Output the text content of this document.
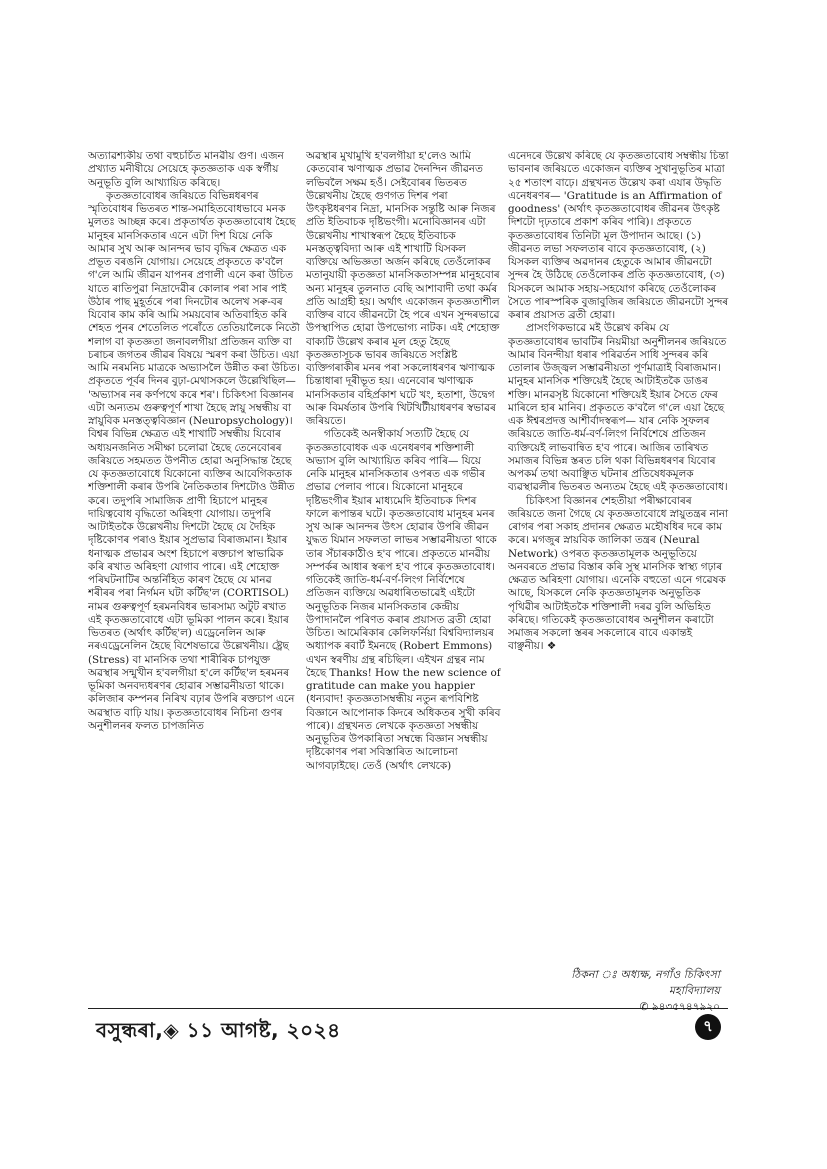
অত্যাৱশ্যকীয় তথা বহুচৰ্চিত মানৱীয় গুণ। এজন প্ৰখ্যাত মনীষীয়ে সেয়েহে কৃতজ্ঞতাক এক স্বৰ্গীয় অনুভূতি বুলি আখ্যায়িত কৰিছে।

কৃতজ্ঞতাবোধৰ জৰিয়তে বিভিন্নধৰণৰ স্মৃতিবোধৰ ভিতৰত শান্ত-সমাহিতবোধভাবে মনক মুলতঃ আচ্ছন্ন কৰে। প্ৰকৃতাৰ্থত কৃতজ্ঞতাবোধ হৈছে মানুহৰ মানসিকতাৰ এনে এটা দিশ যিয়ে নেকি আমাৰ সুখ আৰু আনন্দৰ ভাব বৃদ্ধিৰ ক্ষেত্ৰত এক প্ৰভূত বৰঙনি যোগায়। সেয়েহে প্ৰকৃততে ক'বলৈ গ'লে আমি জীৱন যাপনৰ প্ৰণালী এনে কৰা উচিত যাতে ৰাতিপুৱা নিদ্ৰাদেৱীৰ কোলাৰ পৰা সাৰ পাই উঠাৰ পাছ মুহূৰ্তৰে পৰা দিনটোৰ অলেখ সৰু-বৰ যিবোৰ কাম কৰি আমি সময়বোৰ অতিবাহিত কৰি শেহত পুনৰ শেতেলিত পৰোঁতে তেতিয়ালৈকে নিতৌ শলাগ বা কৃতজ্ঞতা জনাবলগীয়া প্ৰতিজন ব্যক্তি বা চৰাচৰ জগতৰ জীৱৰ বিষয়ে স্মৰণ কৰা উচিত। এয়া আমি নৰমনিচ মাত্ৰকে অভ্যাসলৈ উন্নীত কৰা উচিত। প্ৰকৃততে পূৰ্বৰ দিনৰ বুঢ়া-মেথাসকলে উল্লেখিছিল— 'অভ্যাসৰ নৰ কৰ্ণপথে কৰে শৰ'। চিকিৎসা বিজ্ঞানৰ এটা অন্যতম গুৰুত্বপূৰ্ণ শাখা হৈছে স্নায়ু সম্বন্ধীয় বা স্নায়ুবিক মনস্তত্ত্ববিজ্ঞান (Neuropsychology)। বিশ্বৰ বিভিন্ন ক্ষেত্ৰত এই শাখাটি সম্বন্ধীয় যিবোৰ অধ্যয়নজনিত সমীক্ষা চলোৱা হৈছে তেনেবোৰৰ জৰিয়তে সহমতত উপনীত হোৱা অনুসিদ্ধান্ত হৈছে যে কৃতজ্ঞতাবোধে যিকোনো ব্যক্তিৰ আবেগিকতাক শক্তিশালী কৰাৰ উপৰি নৈতিকতাৰ দিশটোও উন্নীত কৰে। তদুপৰি সামাজিক প্ৰাণী হিচাপে মানুহৰ দায়িত্ববোধ বৃদ্ধিতো অৰিহণা যোগায়। তদুপৰি আটাইতকৈ উল্লেখনীয় দিশটো হৈছে যে দৈহিক দৃষ্টিকোণৰ পৰাও ইয়াৰ সুপ্ৰভাৱ বিৰাজমান। ইয়াৰ ধনাত্মক প্ৰভাৱৰ অংশ হিচাপে ৰক্তচাপ স্বাভাৱিক কৰি ৰখাত অৰিহণা যোগাব পাৰে। এই শেহোক্ত পৰিঘটনাটিৰ অন্তৰ্নিহিত কাৰণ হৈছে যে মানৱ শৰীৰৰ পৰা নিৰ্গমন ঘটা কৰ্টিছ'ল (CORTISOL) নামৰ গুৰুত্বপূৰ্ণ হৰমনবিধৰ ভাৰসাম্য অটুট ৰখাত এই কৃতজ্ঞতাবোধে এটা ভূমিকা পালন কৰে। ইয়াৰ ভিতৰত (অৰ্থাৎ কৰ্টিছ'ল) এড্ৰেনেলিন আৰু নৰএড্ৰেনেলিন হৈছে বিশেষভাৱে উল্লেখনীয়। ষ্ট্ৰেছ (Stress) বা মানসিক তথা শাৰীৰিক চাপযুক্ত অৱস্থাৰ সন্মুখীন হ'বলগীয়া হ'লে কৰ্টিছ'ল হৰমনৰ ভূমিকা অনবদ্যধৰণৰ হোৱাৰ সম্ভাৱনীয়তা থাকে। কলিজাৰ কম্পনৰ নিৰিখ বঢ়াৰ উপৰি ৰক্তচাপ এনে অৱস্থাত বাঢ়ি যায়। কৃতজ্ঞতাবোধৰ নিচিনা গুণৰ অনুশীলনৰ ফলত চাপজনিত

অৱস্থাৰ মুখামুখি হ'বলগীয়া হ'লেও আমি কেতবোৰ ঋণাত্মক প্ৰভাৱ দৈনন্দিন জীৱনত লভিবলৈ সক্ষম হওঁ। সেইবোৰৰ ভিতৰত উল্লেখনীয় হৈছে গুণগত দিশৰ পৰা উৎকৃষ্টধৰণৰ নিদ্ৰা, মানসিক সন্তুষ্টি আৰু নিজৰ প্ৰতি ইতিবাচক দৃষ্টিভংগী। মনোবিজ্ঞানৰ এটা উল্লেখনীয় শাখাস্বৰূপ হৈছে ইতিবাচক মনস্তত্ত্ববিদ্যা আৰু এই শাখাটি যিসকল ব্যক্তিয়ে অভিজ্ঞতা অৰ্জন কৰিছে তেওঁলোকৰ মতানুযায়ী কৃতজ্ঞতা মানসিকতাসম্পন্ন মানুহবোৰ অন্য মানুহৰ তুলনাত বেছি আশাবাদী তথা কৰ্মৰ প্ৰতি আগ্ৰহী হয়। অৰ্থাৎ একোজন কৃতজ্ঞতাশীল ব্যক্তিৰ বাবে জীৱনটো হৈ পৰে এখন সুন্দৰভাৱে উপস্থাপিত হোৱা উপভোগ্য নাটক। এই শেহোক্ত বাক্যটি উল্লেখ কৰাৰ মূল হেতু হৈছে কৃতজ্ঞতাসূচক ভাবৰ জৰিয়তে সংশ্লিষ্ট ব্যক্তিগৰাকীৰ মনৰ পৰা সকলোধৰণৰ ঋণাত্মক চিন্তাধাৰা দূৰীভূত হয়। এনেবোৰ ঋণাত্মক মানসিকতাৰ বহিৰ্প্ৰকাশ ঘটে খং, হতাশা, উদ্বেগ আৰু বিমৰ্ষতাৰ উপৰি খিটখিটীয়াধৰণৰ স্বভাৱৰ জৰিয়তে।

গতিকেই অনস্বীকাৰ্য সত্যটি হৈছে যে কৃতজ্ঞতাবোধক এক এনেধৰণৰ শক্তিশালী অভ্যাস বুলি আখ্যায়িত কৰিব পাৰি— যিয়ে নেকি মানুহৰ মানসিকতাৰ ওপৰত এক গভীৰ প্ৰভাৱ পেলাব পাৰে। যিকোনো মানুহৰে দৃষ্টিভংগীৰ ইয়াৰ মাধ্যমেদি ইতিবাচক দিশৰ ফালে ৰূপান্তৰ ঘটে। কৃতজ্ঞতাবোধ মানুহৰ মনৰ সুখ আৰু আনন্দৰ উৎস হোৱাৰ উপৰি জীৱন যুদ্ধত যিমান সফলতা লাভৰ সম্ভাৱনীয়তা থাকে তাৰ সঁচাৰকাঠীও হ'ব পাৰে। প্ৰকৃততে মানৱীয় সম্পৰ্কৰ আধাৰ স্বৰূপ হ'ব পাৰে কৃতজ্ঞতাবোধ। গতিকেই জাতি-ধৰ্ম-বৰ্ণ-লিংগ নিৰ্বিশেষে প্ৰতিজন ব্যক্তিয়ে অৱধাৰিতভাৱেই এইটো অনুভূতিক নিজৰ মানসিকতাৰ কেন্দ্ৰীয় উপাদানলৈ পৰিণত কৰাৰ প্ৰয়াসত ব্ৰতী হোৱা উচিত। আমেৰিকাৰ কেলিফৰ্নিয়া বিশ্ববিদ্যালয়ৰ অধ্যাপক ৰবাৰ্ট ইমনছে (Robert Emmons) এখন স্বৰণীয় গ্ৰন্থ ৰচিছিল। এইখন গ্ৰন্থৰ নাম হৈছে Thanks! How the new science of gratitude can make you happier (ধন্যবাদ! কৃতজ্ঞতাসম্বন্ধীয় নতুন ৰূপবিশিষ্ট বিজ্ঞানে আপোনাক কিদৰে অধিকতৰ সুখী কৰিব পাৰে)। গ্ৰন্থখনত লেখকে কৃতজ্ঞতা সম্বন্ধীয় অনুভূতিৰ উপকাৰিতা সম্বন্ধে বিজ্ঞান সম্বন্ধীয় দৃষ্টিকোণৰ পৰা সবিস্তাৰিত আলোচনা আগবঢ়াইছে। তেওঁ (অৰ্থাৎ লেখকে)

এনেদৰে উল্লেখ কৰিছে যে কৃতজ্ঞতাবোধ সম্বন্ধীয় চিন্তা ভাবনাৰ জৰিয়তে একোজন ব্যক্তিৰ সুখানুভূতিৰ মাত্ৰা ২৫ শতাংশ বাঢ়ে। গ্ৰন্থখনত উল্লেখ কৰা এযাৰ উদ্ধৃতি এনেধৰণৰ— 'Gratitude is an Affirmation of goodness' (অৰ্থাৎ কৃতজ্ঞতাবোধৰ জীৱনৰ উৎকৃষ্ট দিশটো দৃঢ়তাৰে প্ৰকাশ কৰিব পাৰি)। প্ৰকৃততে কৃতজ্ঞতাবোধৰ তিনিটা মূল উপাদান আছে। (১) জীৱনত লভা সফলতাৰ বাবে কৃতজ্ঞতাবোধ, (২) যিসকল ব্যক্তিৰ অৱদানৰ হেতুকে আমাৰ জীৱনটো সুন্দৰ হৈ উঠিছে তেওঁলোকৰ প্ৰতি কৃতজ্ঞতাবোধ, (৩) যিসকলে আমাক সহায়-সহযোগ কৰিছে তেওঁলোকৰ সৈতে পাৰস্পৰিক বুজাবুজিৰ জৰিয়তে জীৱনটো সুন্দৰ কৰাৰ প্ৰয়াসত ব্ৰতী হোৱা।

প্ৰাসংগিকভাৱে মই উল্লেখ কৰিম যে কৃতজ্ঞতাবোধৰ ভাবটিৰ নিয়মীয়া অনুশীলনৰ জৰিয়তে আমাৰ বিনন্দীয়া ধৰাৰ পৰিৱৰ্তন সাধি সুন্দৰৰ কৰি তোলাৰ উজ্জ্বল সম্ভাৱনীয়তা পূৰ্ণমাত্ৰাই বিৰাজমান। মানুহৰ মানসিক শক্তিয়েই হৈছে আটাইতকৈ ডাঙৰ শক্তি। মানৱসৃষ্ট যিকোনো শক্তিয়েই ইয়াৰ সৈতে ফেৰ মাৰিলে হাৰ মানিব। প্ৰকৃততে ক'বলৈ গ'লে এয়া হৈছে এক ঈশ্বৰপ্ৰদত্ত আশীৰ্বাদস্বৰূপ— যাৰ নেকি সুফলৰ জৰিয়তে জাতি-ধৰ্ম-বৰ্ণ-লিংগ নিৰ্বিশেষে প্ৰতিজন ব্যক্তিয়েই লাভবান্বিত হ'ব পাৰে। আজিৰ তাৰিখত সমাজৰ বিভিন্ন স্তৰত চলি থকা বিভিন্নধৰণৰ যিবোৰ অপকৰ্ম তথা অবাঞ্ছিত ঘটনাৰ প্ৰতিষেধকমূলক ব্যৱস্থাৱলীৰ ভিতৰত অন্যতম হৈছে এই কৃতজ্ঞতাবোধ।

চিকিৎসা বিজ্ঞানৰ শেহতীয়া পৰীক্ষাবোৰৰ জৰিয়তে জনা গৈছে যে কৃতজ্ঞতাবোধে স্নায়ুতন্ত্ৰৰ নানা ৰোগৰ পৰা সকাহ প্ৰদানৰ ক্ষেত্ৰত মহৌষধিৰ দৰে কাম কৰে। মগজুৰ স্নায়বিক জালিকা তন্ত্ৰৰ (Neural Network) ওপৰত কৃতজ্ঞতামূলক অনুভূতিয়ে অনবৰতে প্ৰভাৱ বিস্তাৰ কৰি সুস্থ মানসিক স্বাস্থ্য গঢ়াৰ ক্ষেত্ৰত অৰিহণা যোগায়। এনেকি বহুতো এনে গৱেষক আছে, যিসকলে নেকি কৃতজ্ঞতামূলক অনুভূতিক পৃথিৱীৰ আটাইতকৈ শক্তিশালী দৰৱ বুলি অভিহিত কৰিছে। গতিকেই কৃতজ্ঞতাবোধৰ অনুশীলন কৰাটো সমাজৰ সকলো স্তৰৰ সকলোৰে বাবে একান্তই বাঞ্ছনীয়। ❖

ঠিকনা ঃ অধ্যক্ষ, নগাঁও চিকিৎসা
মহাবিদ্যালয়
✆ ৯৪৩৫৭৪৭৯২০
বসুন্ধৰা,◈ ১১ আগষ্ট, ২০২৪	৭
